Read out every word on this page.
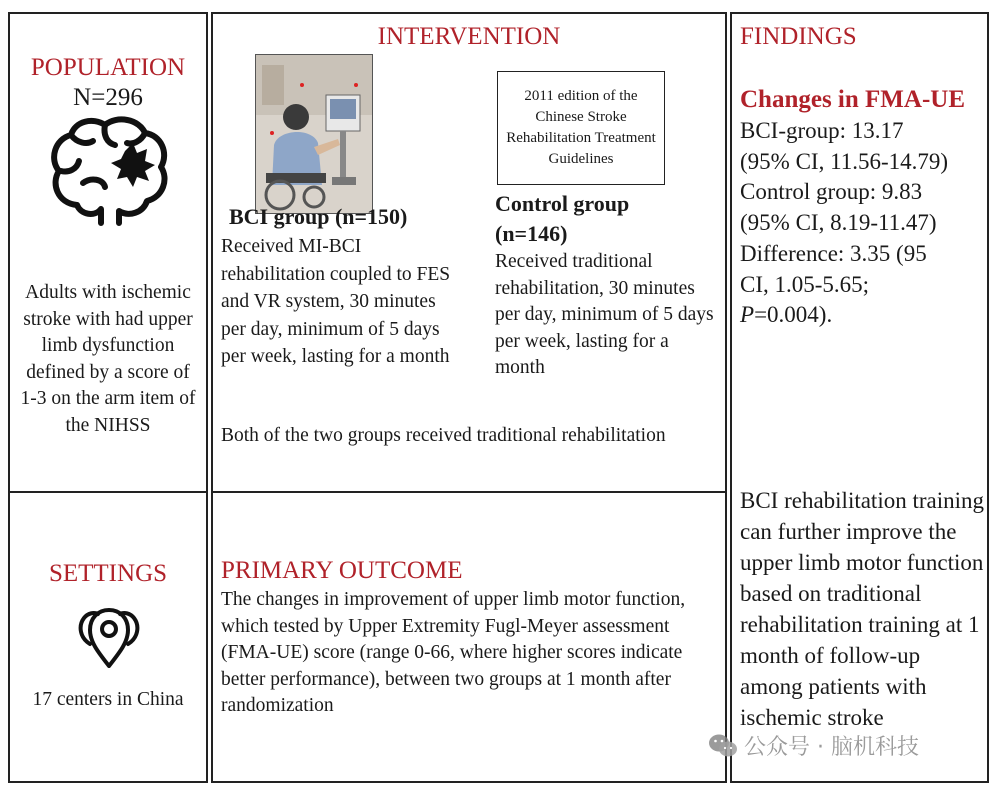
POPULATION
N=296
Adults with ischemic stroke with had upper limb dysfunction defined by a score of 1-3 on the arm item of the NIHSS
SETTINGS
17 centers in China
INTERVENTION
2011 edition of the Chinese Stroke Rehabilitation Treatment Guidelines
BCI group (n=150)
Received MI-BCI rehabilitation coupled to FES and VR system, 30 minutes per day, minimum of 5 days per week, lasting for a month
Control group (n=146)
Received traditional rehabilitation, 30 minutes per day, minimum of 5 days per week, lasting for a month
Both of the two groups received traditional rehabilitation
PRIMARY OUTCOME
The changes in improvement of upper limb motor function, which tested by Upper Extremity Fugl-Meyer assessment (FMA-UE) score (range 0-66, where higher scores indicate better performance), between two groups at 1 month after randomization
FINDINGS
Changes in FMA-UE
BCI-group: 13.17
(95% CI, 11.56-14.79)
Control group: 9.83
(95% CI, 8.19-11.47)
Difference: 3.35 (95
CI, 1.05-5.65;
P=0.004).
BCI rehabilitation training can further improve the upper limb motor function based on traditional rehabilitation training at 1 month of follow-up among patients with ischemic stroke
公众号 · 脑机科技
